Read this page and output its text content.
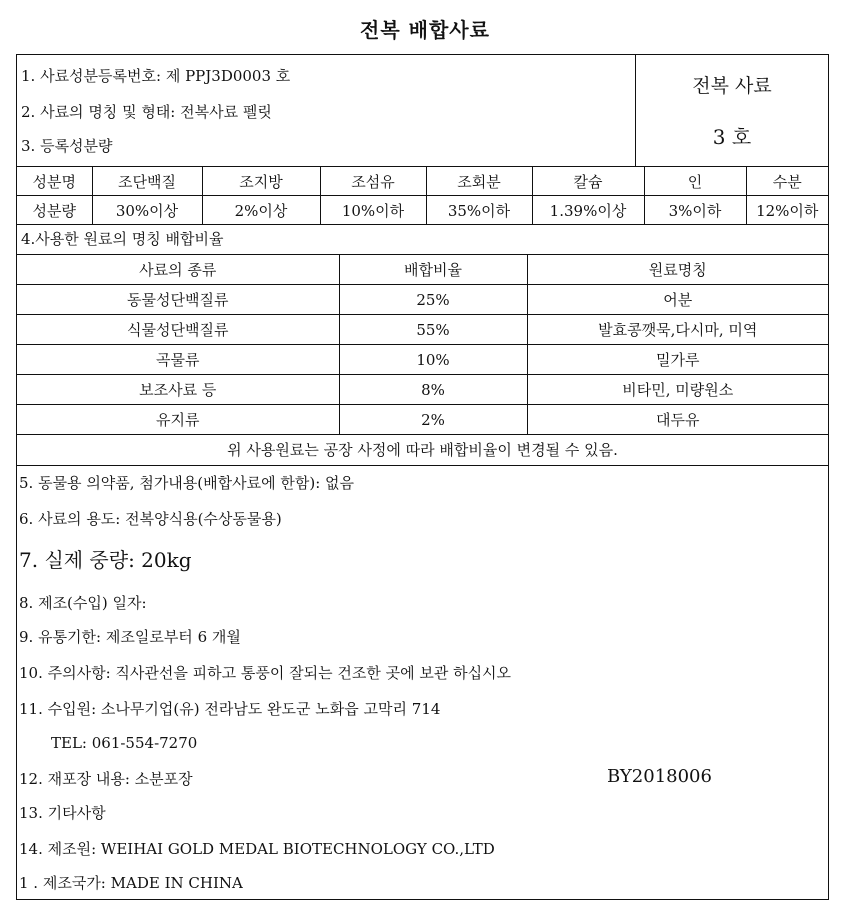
전복 배합사료
1. 사료성분등록번호: 제 PPJ3D0003 호
2. 사료의 명칭 및 형태: 전복사료 펠릿
3. 등록성분량
전복 사료
3 호
성분명	조단백질	조지방	조섬유	조회분	칼슘	인	수분
성분량	30%이상	2%이상	10%이하	35%이하	1.39%이상	3%이하	12%이하
4.사용한 원료의 명칭 배합비율
사료의 종류	배합비율	원료명칭
동물성단백질류	25%	어분
식물성단백질류	55%	발효콩깻묵,다시마, 미역
곡물류	10%	밀가루
보조사료 등	8%	비타민, 미량원소
유지류	2%	대두유
위 사용원료는 공장 사정에 따라 배합비율이 변경될 수 있음.
5. 동물용 의약품, 첨가내용(배합사료에 한함): 없음
6. 사료의 용도: 전복양식용(수상동물용)
7. 실제 중량: 20kg
8. 제조(수입) 일자:
9. 유통기한: 제조일로부터 6 개월
10. 주의사항: 직사관선을 피하고 통풍이 잘되는 건조한 곳에 보관 하십시오
11. 수입원: 소나무기업(유) 전라남도 완도군 노화읍 고막리 714
TEL: 061-554-7270
12. 재포장 내용: 소분포장	BY2018006
13. 기타사항
14. 제조원: WEIHAI GOLD MEDAL BIOTECHNOLOGY CO.,LTD
1 . 제조국가: MADE IN CHINA
